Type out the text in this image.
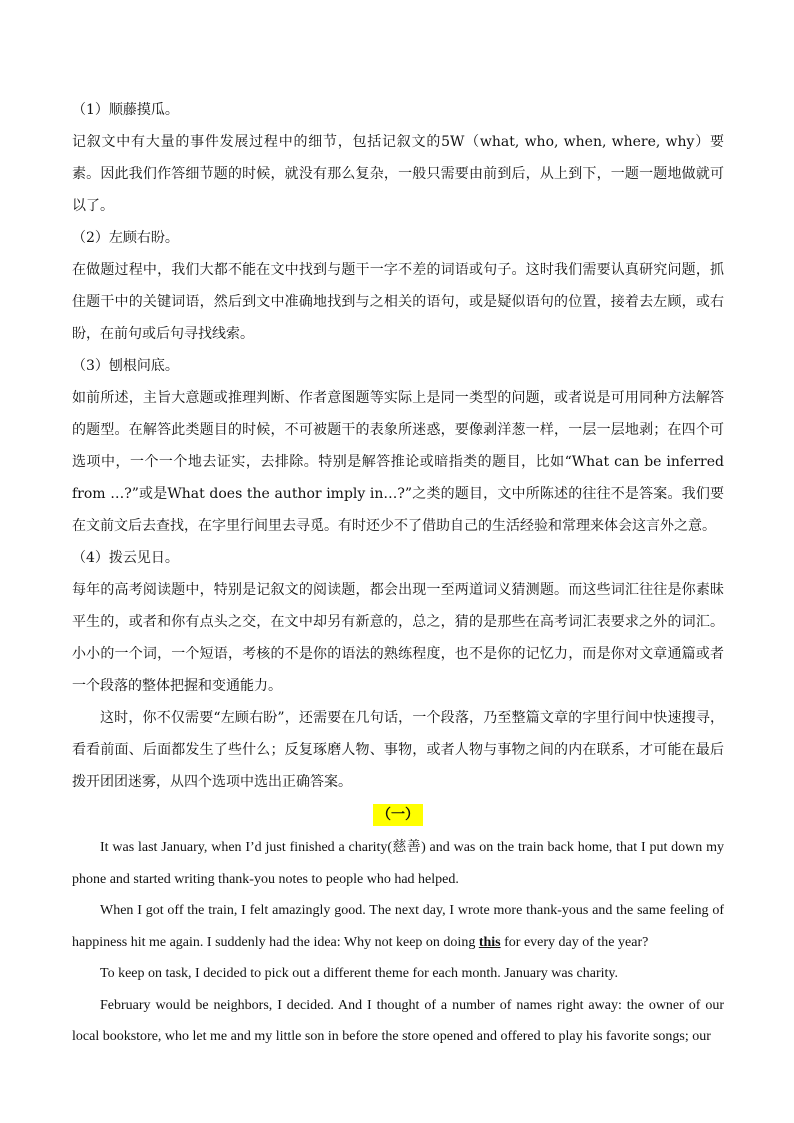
（1）顺藤摸瓜。

记叙文中有大量的事件发展过程中的细节，包括记叙文的5W（what, who, when, where, why）要素。因此我们作答细节题的时候，就没有那么复杂，一般只需要由前到后，从上到下，一题一题地做就可以了。

（2）左顾右盼。

在做题过程中，我们大都不能在文中找到与题干一字不差的词语或句子。这时我们需要认真研究问题，抓住题干中的关键词语，然后到文中准确地找到与之相关的语句，或是疑似语句的位置，接着去左顾，或右盼，在前句或后句寻找线索。

（3）刨根问底。

如前所述，主旨大意题或推理判断、作者意图题等实际上是同一类型的问题，或者说是可用同种方法解答的题型。在解答此类题目的时候，不可被题干的表象所迷惑，要像剥洋葱一样，一层一层地剥；在四个可选项中，一个一个地去证实，去排除。特别是解答推论或暗指类的题目，比如“What can be inferred from …?”或是What does the author imply in…?”之类的题目，文中所陈述的往往不是答案。我们要在文前文后去查找，在字里行间里去寻觅。有时还少不了借助自己的生活经验和常理来体会这言外之意。

（4）拨云见日。

每年的高考阅读题中，特别是记叙文的阅读题，都会出现一至两道词义猜测题。而这些词汇往往是你素昧平生的，或者和你有点头之交，在文中却另有新意的，总之，猜的是那些在高考词汇表要求之外的词汇。小小的一个词，一个短语，考核的不是你的语法的熟练程度，也不是你的记忆力，而是你对文章通篇或者一个段落的整体把握和变通能力。

这时，你不仅需要“左顾右盼”，还需要在几句话，一个段落，乃至整篇文章的字里行间中快速搜寻，看看前面、后面都发生了些什么；反复琢磨人物、事物，或者人物与事物之间的内在联系，才可能在最后拨开团团迷雾，从四个选项中选出正确答案。

（一）

It was last January, when I’d just finished a charity(慈善) and was on the train back home, that I put down my phone and started writing thank-you notes to people who had helped.

When I got off the train, I felt amazingly good. The next day, I wrote more thank-yous and the same feeling of happiness hit me again. I suddenly had the idea: Why not keep on doing this for every day of the year?

To keep on task, I decided to pick out a different theme for each month. January was charity.

February would be neighbors, I decided. And I thought of a number of names right away: the owner of our local bookstore, who let me and my little son in before the store opened and offered to play his favorite songs; our
